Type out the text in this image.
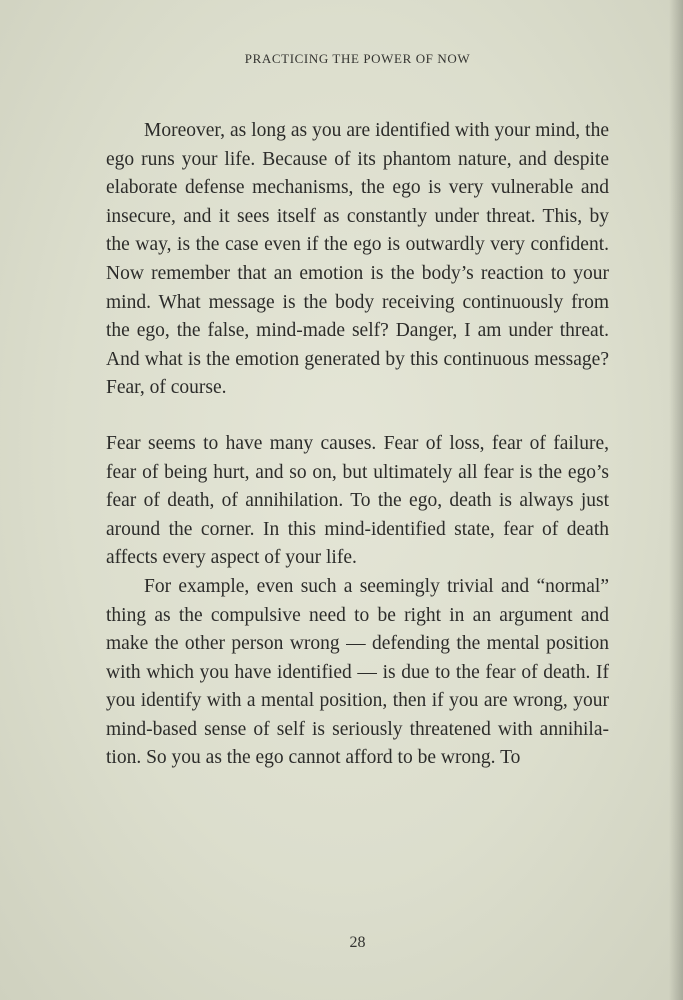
PRACTICING THE POWER OF NOW

Moreover, as long as you are identified with your mind, the ego runs your life. Because of its phantom nature, and despite elaborate defense mechanisms, the ego is very vulnerable and insecure, and it sees itself as constantly under threat. This, by the way, is the case even if the ego is outwardly very confident. Now remember that an emotion is the body’s reaction to your mind. What message is the body receiving continuously from the ego, the false, mind-made self? Danger, I am under threat. And what is the emotion generated by this continuous message? Fear, of course.

Fear seems to have many causes. Fear of loss, fear of failure, fear of being hurt, and so on, but ultimately all fear is the ego’s fear of death, of annihilation. To the ego, death is always just around the corner. In this mind-identified state, fear of death affects every aspect of your life.

For example, even such a seemingly trivial and “normal” thing as the compulsive need to be right in an argument and make the other person wrong — defending the mental position with which you have identified — is due to the fear of death. If you identify with a mental position, then if you are wrong, your mind-based sense of self is seriously threatened with annihilation. So you as the ego cannot afford to be wrong. To

28
